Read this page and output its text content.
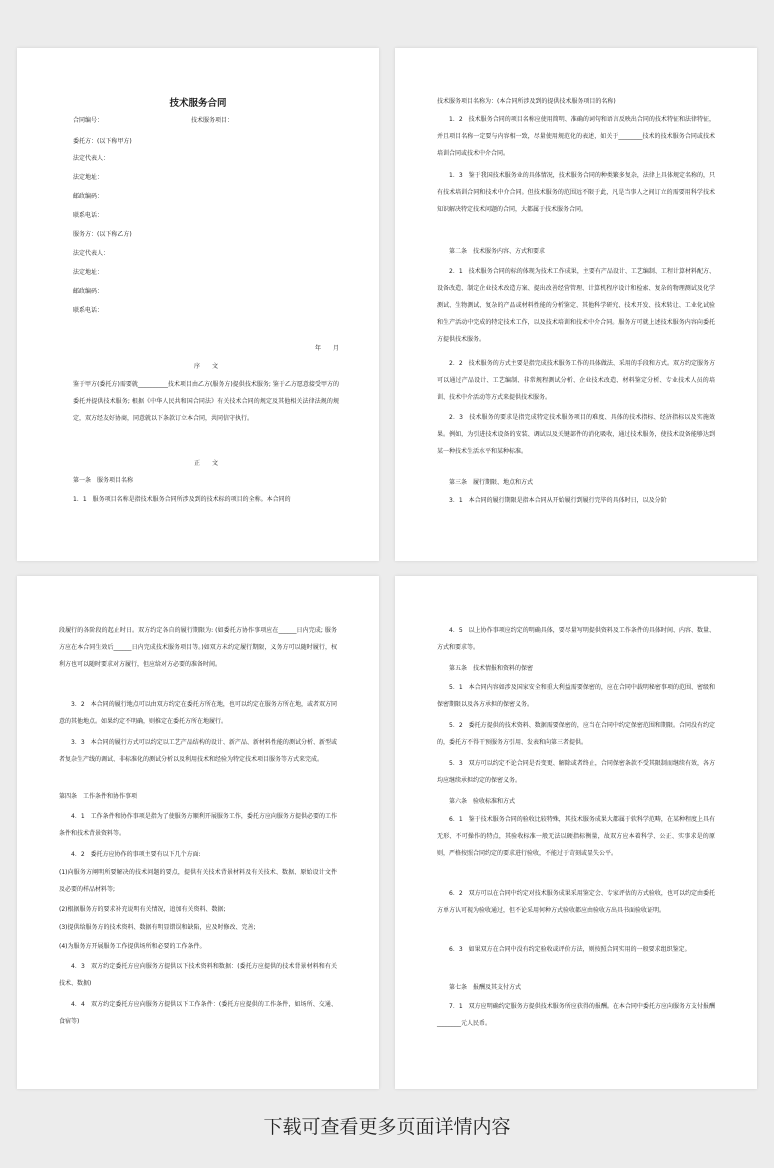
技术服务合同
合同编号：	技术服务项目：
委托方：(以下称甲方)
法定代表人：
法定地址：
邮政编码：
联系电话：
服务方：(以下称乙方)
法定代表人：
法定地址：
邮政编码：
联系电话：
年　　月
序　　文
鉴于甲方(委托方)需要就__________技术项目由乙方(服务方)提供技术服务; 鉴于乙方愿意接受甲方的委托并提供技术服务; 根据《中华人民共和国合同法》有关技术合同的规定及其他相关法律法规的规定，双方经友好协商，同意就以下条款订立本合同，共同信守执行。
正　　文
第一条　服务项目名称
1．1　服务项目名称是指技术服务合同所涉及到的技术标的项目的全称。本合同的
技术服务项目名称为：(本合同所涉及到的提供技术服务项目的名称)
1．2　技术服务合同的项目名称应使用简明、准确的词句和语言反映出合同的技术特征和法律特征，并且项目名称一定要与内容相一致，尽量使用规范化的表述，如关于________技术的技术服务合同或技术培训合同或技术中介合同。
1．3　鉴于我国技术服务业的具体情况，技术服务合同的种类繁多复杂，法律上具体规定名称的，只有技术培训合同和技术中介合同。但技术服务的范围远不限于此，凡是当事人之间订立的需要用科学技术知识解决特定技术问题的合同，大都属于技术服务合同。
第二条　技术服务内容、方式和要求
2．1　技术服务合同的标的体现为技术工作成果，主要有产品设计、工艺编制、工程计算材料配方、设备改造、制定企业技术改造方案、提出改善经营管理、计算机程序设计和检索、复杂的物理测试及化学测试、生物测试、复杂的产品或材料性能的分析鉴定、其他科学研究、技术开发、技术转让、工业化试验和生产活动中完成的特定技术工作，以及技术培训和技术中介合同。服务方可就上述技术服务内容向委托方提供技术服务。
2．2　技术服务的方式主要是指完成技术服务工作的具体做法、采用的手段和方式。双方约定服务方可以通过产品设计、工艺编制、非常规程测试分析、企业技术改造、材料鉴定分析、专业技术人员的培训、技术中介活动等方式来提供技术服务。
2．3　技术服务的要求是指完成特定技术服务项目的难度、具体的技术指标、经济指标以及实施效果。例如，为引进技术设备的安装、调试以及关键部件的消化吸收，通过技术服务，使技术设备能够达到某一种技术生活水平和某种标准。
第三条　履行期限、地点和方式
3．1　本合同的履行期限是指本合同从开始履行到履行完毕的具体时日，以及分阶
段履行的各阶段的起止时日。双方约定各自的履行期限为: (如委托方协作事项应在______日内完成; 服务方应在本合同生效后______日内完成技术服务项目等。)如双方未约定履行期限，义务方可以随时履行，权利方也可以随时要求对方履行，但应给对方必要的准备时间。
3．2　本合同的履行地点可以由双方约定在委托方所在地，也可以约定在服务方所在地，或者双方同意的其他地点。如果约定不明确，则推定在委托方所在地履行。
3．3　本合同的履行方式可以约定以工艺产品结构的设计、新产品、新材料性能的测试分析、新型或者复杂生产线的调试、非标准化的测试分析以及利用技术和经验为特定技术项目服务等方式来完成。
第四条　工作条件和协作事项
4．1　工作条件和协作事项是指为了使服务方顺利开展服务工作，委托方应向服务方提供必要的工作条件和技术背景资料等。
4．2　委托方应协作的事项主要有以下几个方面:
(1)向服务方阐明所要解决的技术问题的要点，提供有关技术背景材料及有关技术、数据、原始设计文件及必要的样品材料等;
(2)根据服务方的要求补充说明有关情况，追加有关资料、数据;
(3)提供给服务方的技术资料、数据有明显错误和缺陷，应及时修改、完善;
(4)为服务方开展服务工作提供场所和必要的工作条件。
4．3　双方约定委托方应向服务方提供以下技术资料和数据：(委托方应提供的技术背景材料和有关技术、数据)
4．4　双方约定委托方应向服务方提供以下工作条件：(委托方应提供的工作条件，如场所、交通、食宿等)
4．5　以上协作事项应约定的明确具体，要尽量写明提供资料及工作条件的具体时间、内容、数量、方式和要求等。
第五条　技术情报和资料的保密
5．1　本合同内容如涉及国家安全和重大利益需要保密的，应在合同中载明秘密事项的范围、密级和保密期限以及各方承担的保密义务。
5．2　委托方提供的技术资料、数据需要保密的，应当在合同中约定保密范围和期限。合同没有约定的，委托方不得干预服务方引用、发表和向第三者提供。
5．3　双方可以约定不论合同是否变更、解除或者终止，合同保密条款不受其限制而继续有效，各方均应继续承担约定的保密义务。
第六条　验收标准和方式
6．1　鉴于技术服务合同的验收比较特殊，其技术服务成果大都属于软科学范畴，在某种程度上具有无形、不可操作的特点，其验收标准一般无法以硬指标衡量，故双方应本着科学、公正、实事求是的原则，严格按照合同约定的要求进行验收，不能过于苛刻或显失公平。
6．2　双方可以在合同中约定对技术服务成果采用鉴定会、专家评估的方式验收，也可以约定由委托方单方认可视为验收通过，但不论采用何种方式验收都应由验收方出具书面验收证明。
6．3　如果双方在合同中没有约定验收或评价方法，则按照合同实用的一般要求组织鉴定。
第七条　报酬及其支付方式
7．1　双方应明确约定服务方提供技术服务所应获得的报酬。在本合同中委托方应向服务方支付报酬________元人民币。
下载可查看更多页面详情内容
